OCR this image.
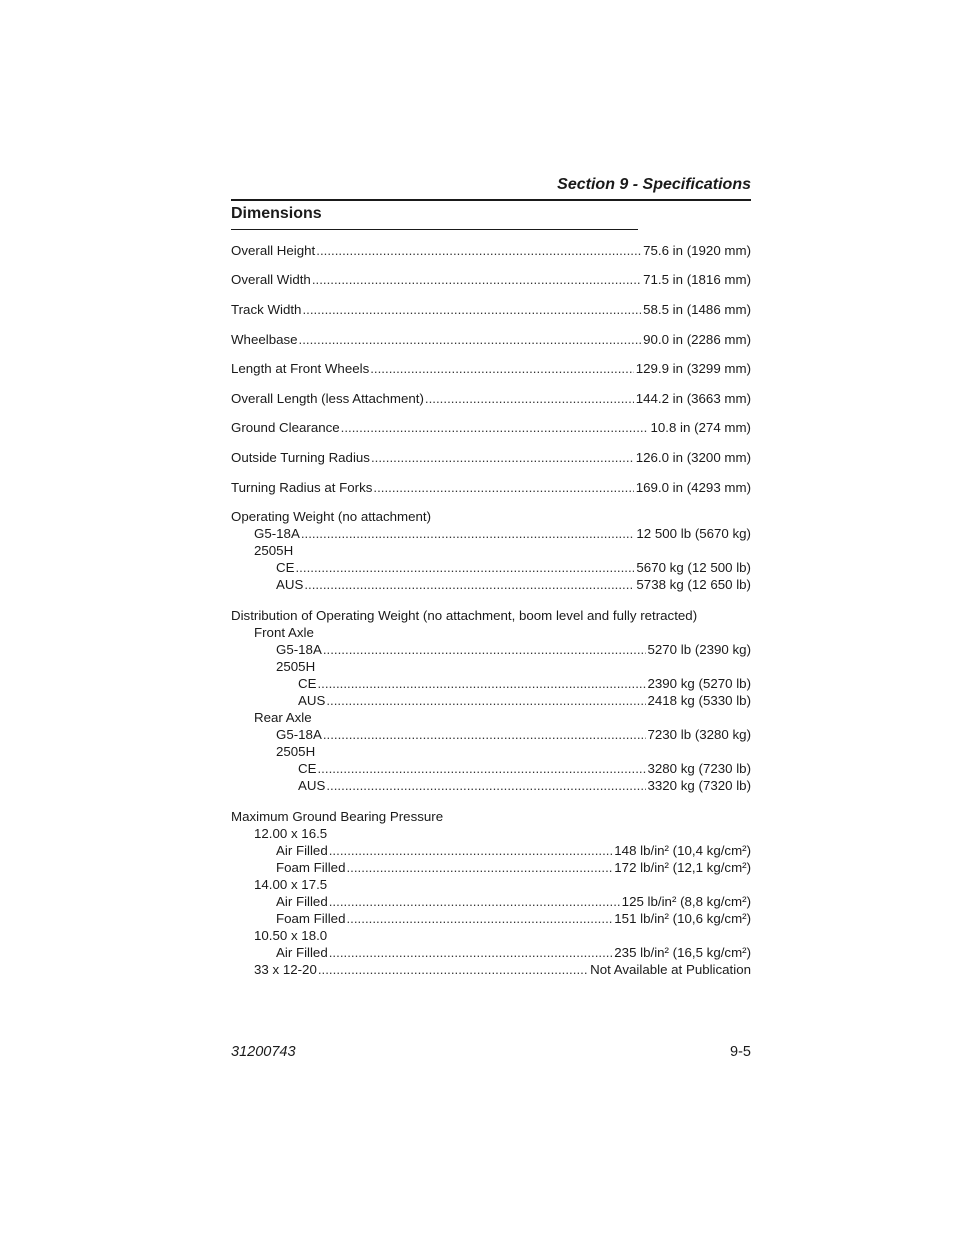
Section 9 - Specifications
Dimensions
Overall Height .....	75.6 in (1920 mm)
Overall Width .....	71.5 in (1816 mm)
Track Width .....	58.5 in (1486 mm)
Wheelbase .....	90.0 in (2286 mm)
Length at Front Wheels .....	129.9 in (3299 mm)
Overall Length (less Attachment) .....	144.2 in (3663 mm)
Ground Clearance .....	10.8 in (274 mm)
Outside Turning Radius .....	126.0 in (3200 mm)
Turning Radius at Forks .....	169.0 in (4293 mm)
Operating Weight (no attachment)
G5-18A .....	12 500 lb (5670 kg)
2505H
CE .....	5670 kg (12 500 lb)
AUS .....	5738 kg (12 650 lb)
Distribution of Operating Weight (no attachment, boom level and fully retracted)
Front Axle
G5-18A .....	5270 lb (2390 kg)
2505H
CE .....	2390 kg (5270 lb)
AUS .....	2418 kg (5330 lb)
Rear Axle
G5-18A .....	7230 lb (3280 kg)
2505H
CE .....	3280 kg (7230 lb)
AUS .....	3320 kg (7320 lb)
Maximum Ground Bearing Pressure
12.00 x 16.5
Air Filled .....	148 lb/in² (10,4 kg/cm²)
Foam Filled .....	172 lb/in² (12,1 kg/cm²)
14.00 x 17.5
Air Filled .....	125 lb/in² (8,8 kg/cm²)
Foam Filled .....	151 lb/in² (10,6 kg/cm²)
10.50 x 18.0
Air Filled .....	235 lb/in² (16,5 kg/cm²)
33 x 12-20 .....	Not Available at Publication
31200743	9-5
